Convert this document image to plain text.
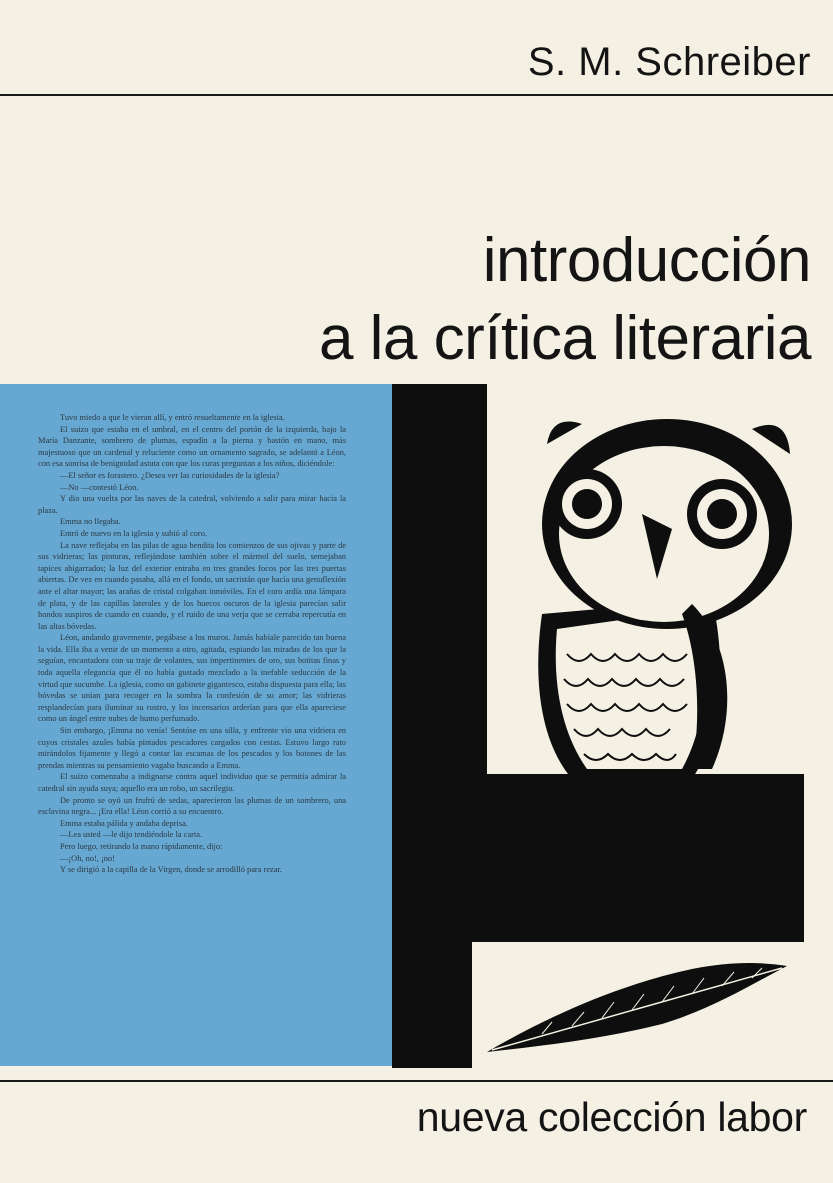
S. M. Schreiber
introducción
a la crítica literaria

Tuvo miedo a que le vieran allí, y entró resueltamente en la iglesia.

El suizo que estaba en el umbral, en el centro del portón de la izquierda, bajo la María Danzante, sombrero de plumas, espadín a la pierna y bastón en mano, más majestuoso que un cardenal y reluciente como un ornamento sagrado, se adelantó a Léon, con esa sonrisa de benignidad astuta con que los curas preguntan a los niños, diciéndole:

—El señor es forastero. ¿Desea ver las curiosidades de la iglesia?

—No —contestó Léon.

Y dio una vuelta por las naves de la catedral, volviendo a salir para mirar hacia la plaza.

Emma no llegaba.

Entró de nuevo en la iglesia y subió al coro.

La nave reflejaba en las pilas de agua bendita los comienzos de sus ojivas y parte de sus vidrieras; las pinturas, reflejándose también sobre el mármol del suelo, semejaban tapices abigarrados; la luz del exterior entraba en tres grandes focos por las tres puertas abiertas. De vez en cuando pasaba, allá en el fondo, un sacristán que hacía una genuflexión ante el altar mayor; las arañas de cristal colgaban inmóviles. En el coro ardía una lámpara de plata, y de las capillas laterales y de los huecos oscuros de la iglesia parecían salir hondos suspiros de cuando en cuando, y el ruido de una verja que se cerraba repercutía en las altas bóvedas.

Léon, andando gravemente, pegábase a los muros. Jamás habíale parecido tan buena la vida. Ella iba a venir de un momento a otro, agitada, espiando las miradas de los que la seguían, encantadora con su traje de volantes, sus impertinentes de oro, sus botitas finas y toda aquella elegancia que él no había gustado mezclado a la inefable seducción de la virtud que sucumbe. La iglesia, como un gabinete gigantesco, estaba dispuesta para ella; las bóvedas se unían para recoger en la sombra la confesión de su amor; las vidrieras resplandecían para iluminar su rostro, y los incensarios arderían para que ella apareciese como un ángel entre nubes de humo perfumado.

Sin embargo, ¡Emma no venía! Sentóse en una silla, y enfrente vio una vidriera en cuyos cristales azules había pintados pescadores cargados con cestas. Estuvo largo rato mirándolos fijamente y llegó a contar las escamas de los pescados y los botones de las prendas mientras su pensamiento vagaba buscando a Emma.

El suizo comenzaba a indignarse contra aquel individuo que se permitía admirar la catedral sin ayuda suya; aquello era un robo, un sacrilegio.

De pronto se oyó un frufrú de sedas, aparecieron las plumas de un sombrero, una esclavina negra... ¡Era ella! Léon corrió a su encuentro.

Emma estaba pálida y andaba deprisa.

—Lea usted —le dijo tendiéndole la carta.

Pero luego, retirando la mano rápidamente, dijo:

—¡Oh, no!, ¡no!

Y se dirigió a la capilla de la Virgen, donde se arrodilló para rezar.

nueva colección labor
